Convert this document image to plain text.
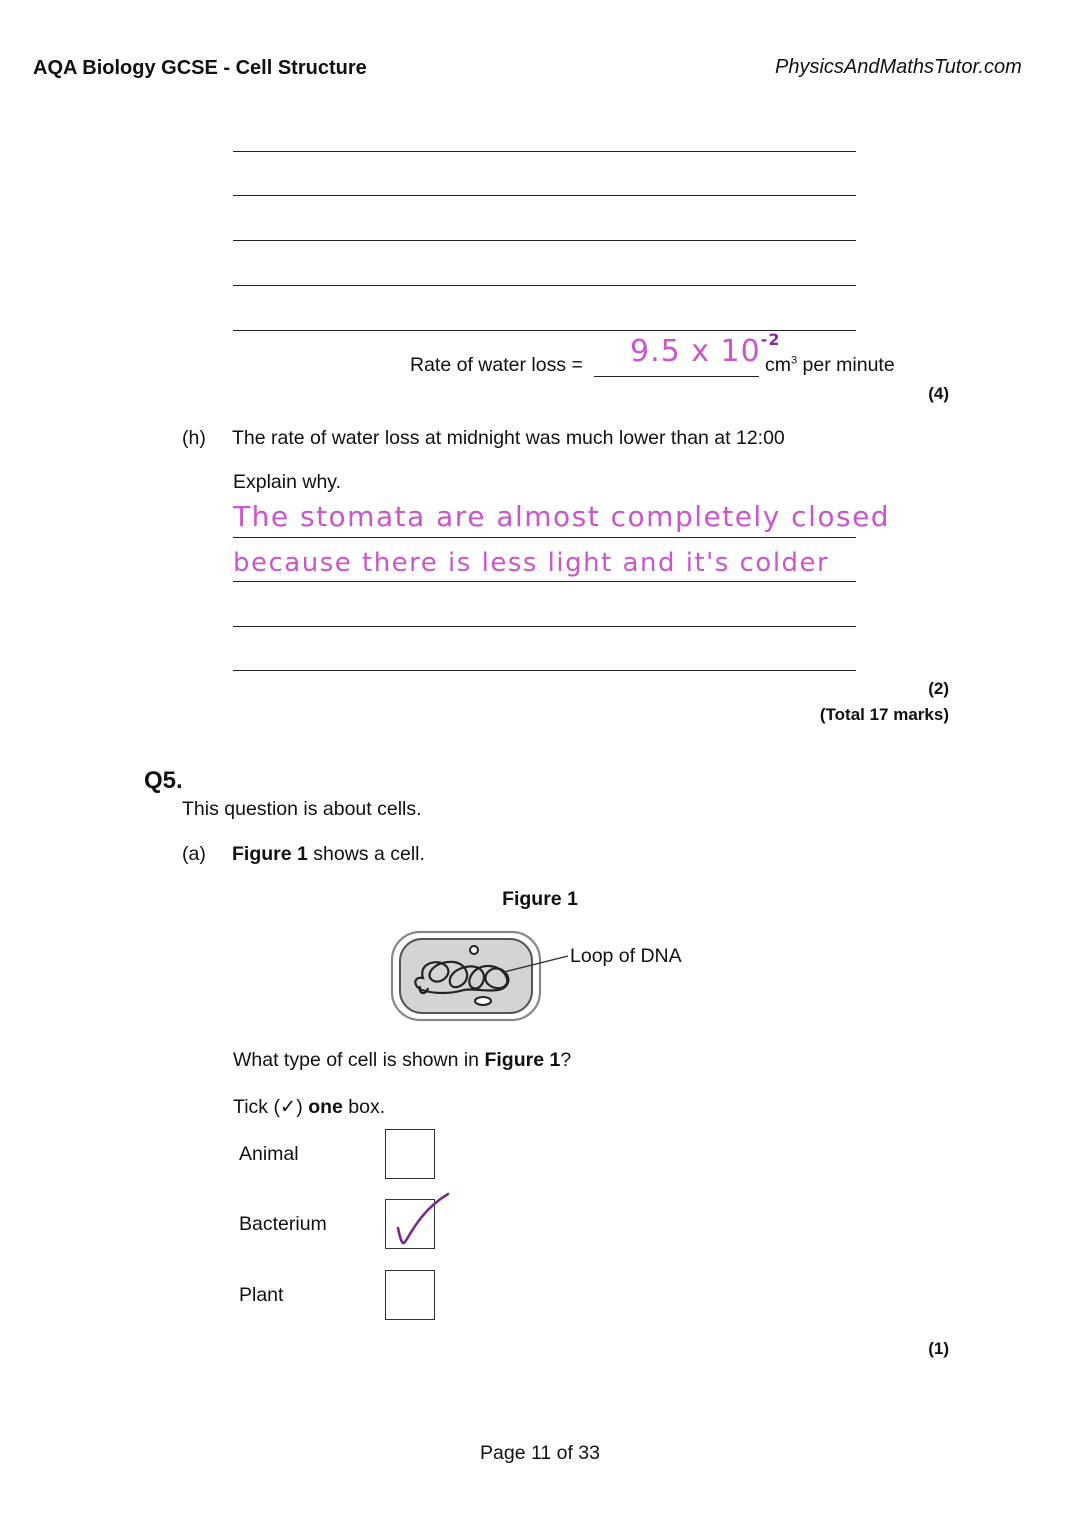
AQA Biology GCSE - Cell Structure	PhysicsAndMathsTutor.com
Rate of water loss = 9.5 x $10^{-2}$
$cm^3$ per minute
(4)
(h) The rate of water loss at midnight was much lower than at 12:00
Explain why.
The stomata are almost completely closed
because there is less light and it's colder
(2)
(Total 17 marks)
Q5.
This question is about cells.
(a) Figure 1 shows a cell.
Figure 1
Loop of DNA
What type of cell is shown in Figure 1?
Tick (✓) one box.
Animal
Bacterium
Plant
(1)
Page 11 of 33
